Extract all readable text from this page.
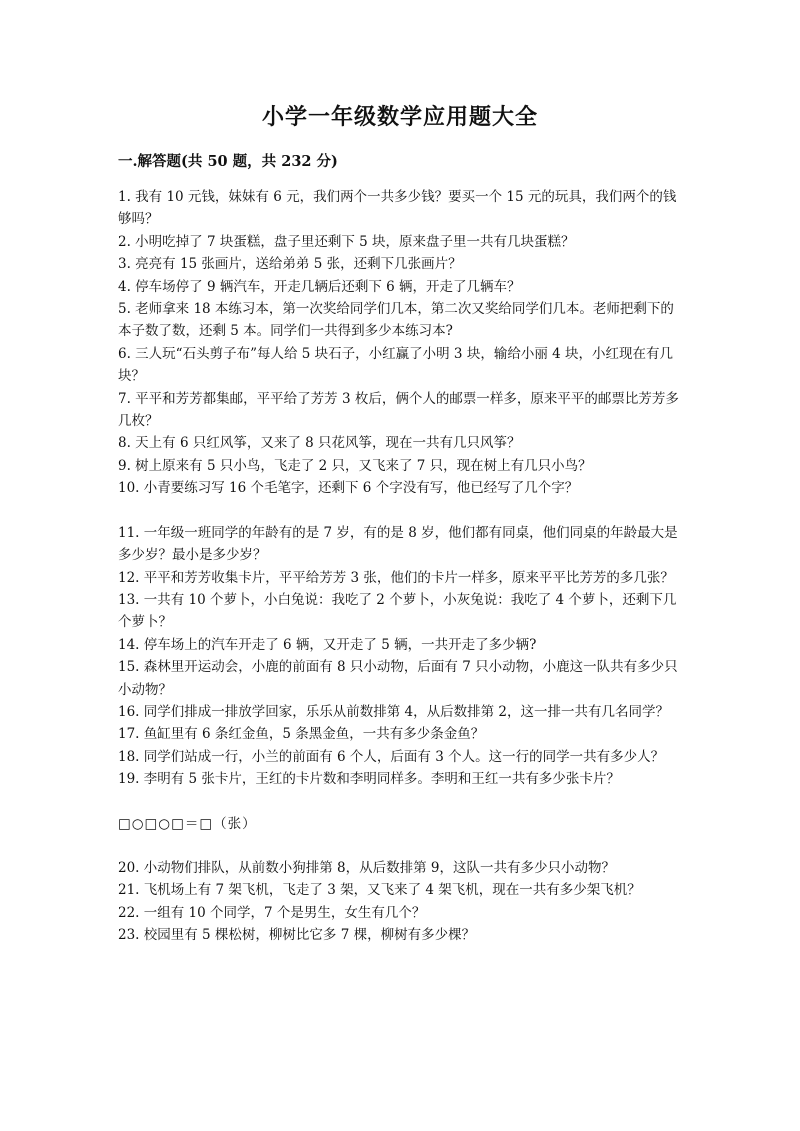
小学一年级数学应用题大全
一.解答题(共 50 题，共 232 分)

1. 我有 10 元钱，妹妹有 6 元，我们两个一共多少钱？要买一个 15 元的玩具，我们两个的钱够吗？

2. 小明吃掉了 7 块蛋糕，盘子里还剩下 5 块，原来盘子里一共有几块蛋糕？

3. 亮亮有 15 张画片，送给弟弟 5 张，还剩下几张画片？

4. 停车场停了 9 辆汽车，开走几辆后还剩下 6 辆，开走了几辆车？

5. 老师拿来 18 本练习本，第一次奖给同学们几本，第二次又奖给同学们几本。老师把剩下的本子数了数，还剩 5 本。同学们一共得到多少本练习本?

6. 三人玩“石头剪子布”每人给 5 块石子，小红赢了小明 3 块，输给小丽 4 块，小红现在有几块？

7. 平平和芳芳都集邮，平平给了芳芳 3 枚后，俩个人的邮票一样多，原来平平的邮票比芳芳多几枚？

8. 天上有 6 只红风筝，又来了 8 只花风筝，现在一共有几只风筝？

9. 树上原来有 5 只小鸟，飞走了 2 只，又飞来了 7 只，现在树上有几只小鸟？

10. 小青要练习写 16 个毛笔字，还剩下 6 个字没有写，他已经写了几个字？

11. 一年级一班同学的年龄有的是 7 岁，有的是 8 岁，他们都有同桌，他们同桌的年龄最大是多少岁？最小是多少岁？

12. 平平和芳芳收集卡片，平平给芳芳 3 张，他们的卡片一样多，原来平平比芳芳的多几张？

13. 一共有 10 个萝卜，小白兔说：我吃了 2 个萝卜，小灰兔说：我吃了 4 个萝卜，还剩下几个萝卜？

14. 停车场上的汽车开走了 6 辆，又开走了 5 辆，一共开走了多少辆?

15. 森林里开运动会，小鹿的前面有 8 只小动物，后面有 7 只小动物，小鹿这一队共有多少只小动物？

16. 同学们排成一排放学回家，乐乐从前数排第 4，从后数排第 2，这一排一共有几名同学？

17. 鱼缸里有 6 条红金鱼，5 条黑金鱼，一共有多少条金鱼？

18. 同学们站成一行，小兰的前面有 6 个人，后面有 3 个人。这一行的同学一共有多少人？

19. 李明有 5 张卡片，王红的卡片数和李明同样多。李明和王红一共有多少张卡片？

□○□○□＝□（张）

20. 小动物们排队，从前数小狗排第 8，从后数排第 9，这队一共有多少只小动物？

21. 飞机场上有 7 架飞机，飞走了 3 架，又飞来了 4 架飞机，现在一共有多少架飞机？

22. 一组有 10 个同学，7 个是男生，女生有几个？

23. 校园里有 5 棵松树，柳树比它多 7 棵，柳树有多少棵？
